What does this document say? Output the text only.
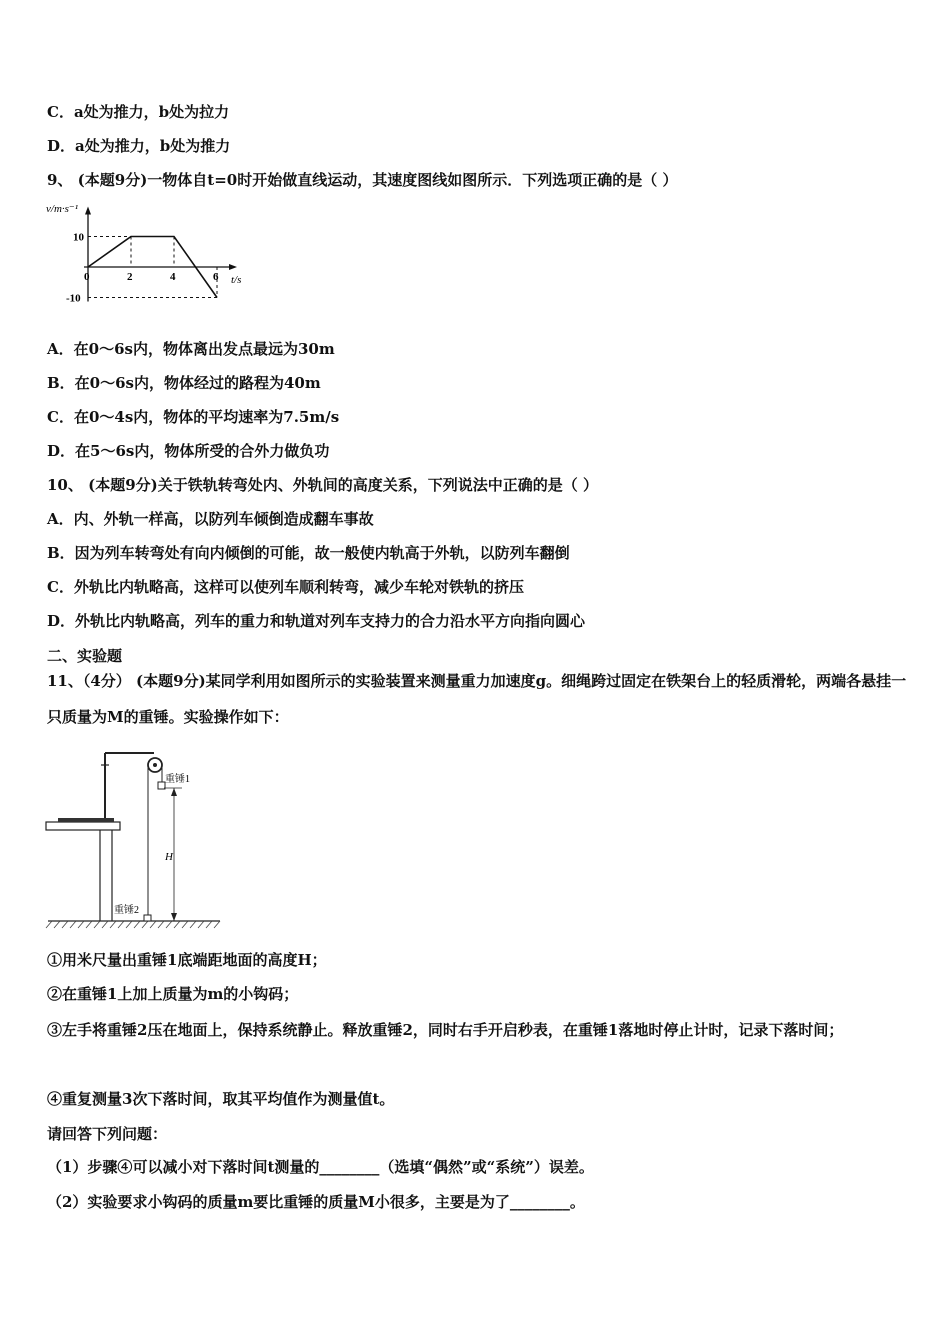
C．a处为推力，b处为拉力
D．a处为推力，b处为推力
9、 (本题9分)一物体自t=0时开始做直线运动，其速度图线如图所示．下列选项正确的是（ ）
v/m·s⁻¹
t/s
0	2	4	6
10
-10
A．在0～6s内，物体离出发点最远为30m
B．在0～6s内，物体经过的路程为40m
C．在0～4s内，物体的平均速率为7.5m/s
D．在5～6s内，物体所受的合外力做负功
10、 (本题9分)关于铁轨转弯处内、外轨间的高度关系，下列说法中正确的是（ ）
A．内、外轨一样高，以防列车倾倒造成翻车事故
B．因为列车转弯处有向内倾倒的可能，故一般使内轨高于外轨，以防列车翻倒
C．外轨比内轨略高，这样可以使列车顺利转弯，减少车轮对铁轨的挤压
D．外轨比内轨略高，列车的重力和轨道对列车支持力的合力沿水平方向指向圆心
二、实验题
11、（4分） (本题9分)某同学利用如图所示的实验装置来测量重力加速度g。细绳跨过固定在铁架台上的轻质滑轮，两端各悬挂一只质量为M的重锤。实验操作如下：
重锤1
重锤2
H
①用米尺量出重锤1底端距地面的高度H；
②在重锤1上加上质量为m的小钩码；
③左手将重锤2压在地面上，保持系统静止。释放重锤2，同时右手开启秒表，在重锤1落地时停止计时，记录下落时间；
④重复测量3次下落时间，取其平均值作为测量值t。
请回答下列问题：
（1）步骤④可以减小对下落时间t测量的________（选填“偶然”或“系统”）误差。
（2）实验要求小钩码的质量m要比重锤的质量M小很多，主要是为了________。
